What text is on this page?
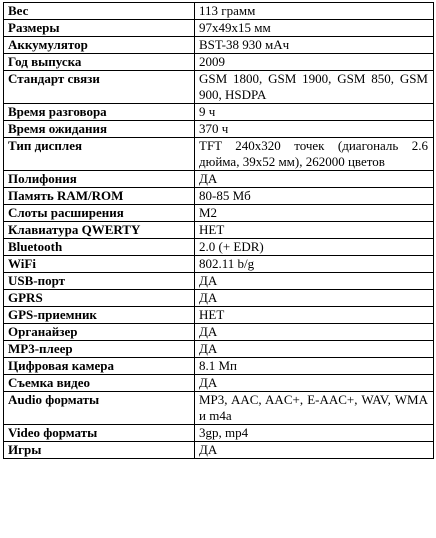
Вес	113 грамм
Размеры	97x49x15 мм
Аккумулятор	BST-38 930 мАч
Год выпуска	2009
Стандарт связи	GSM 1800, GSM 1900, GSM 850, GSM 900, HSDPA
Время разговора	9 ч
Время ожидания	370 ч
Тип дисплея	TFT 240x320 точек (диагональ 2.6 дюйма, 39x52 мм), 262000 цветов
Полифония	ДА
Память RAM/ROM	80-85 Мб
Слоты расширения	M2
Клавиатура QWERTY	НЕТ
Bluetooth	2.0 (+ EDR)
WiFi	802.11 b/g
USB-порт	ДА
GPRS	ДА
GPS-приемник	НЕТ
Органайзер	ДА
MP3-плеер	ДА
Цифровая камера	8.1 Мп
Съемка видео	ДА
Audio форматы	MP3, AAC, AAC+, E-AAC+, WAV, WMA и m4a
Video форматы	3gp, mp4
Игры	ДА
